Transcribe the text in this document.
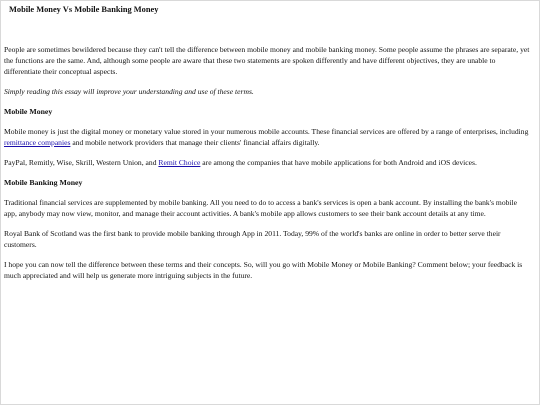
Mobile Money Vs Mobile Banking Money

People are sometimes bewildered because they can't tell the difference between mobile money and mobile banking money. Some people assume the phrases are separate, yet the functions are the same. And, although some people are aware that these two statements are spoken differently and have different objectives, they are unable to differentiate their conceptual aspects.

Simply reading this essay will improve your understanding and use of these terms.

Mobile Money

Mobile money is just the digital money or monetary value stored in your numerous mobile accounts. These financial services are offered by a range of enterprises, including remittance companies and mobile network providers that manage their clients' financial affairs digitally.

PayPal, Remitly, Wise, Skrill, Western Union, and Remit Choice are among the companies that have mobile applications for both Android and iOS devices.

Mobile Banking Money

Traditional financial services are supplemented by mobile banking. All you need to do to access a bank's services is open a bank account. By installing the bank's mobile app, anybody may now view, monitor, and manage their account activities. A bank's mobile app allows customers to see their bank account details at any time.

Royal Bank of Scotland was the first bank to provide mobile banking through App in 2011. Today, 99% of the world's banks are online in order to better serve their customers.

I hope you can now tell the difference between these terms and their concepts. So, will you go with Mobile Money or Mobile Banking? Comment below; your feedback is much appreciated and will help us generate more intriguing subjects in the future.
